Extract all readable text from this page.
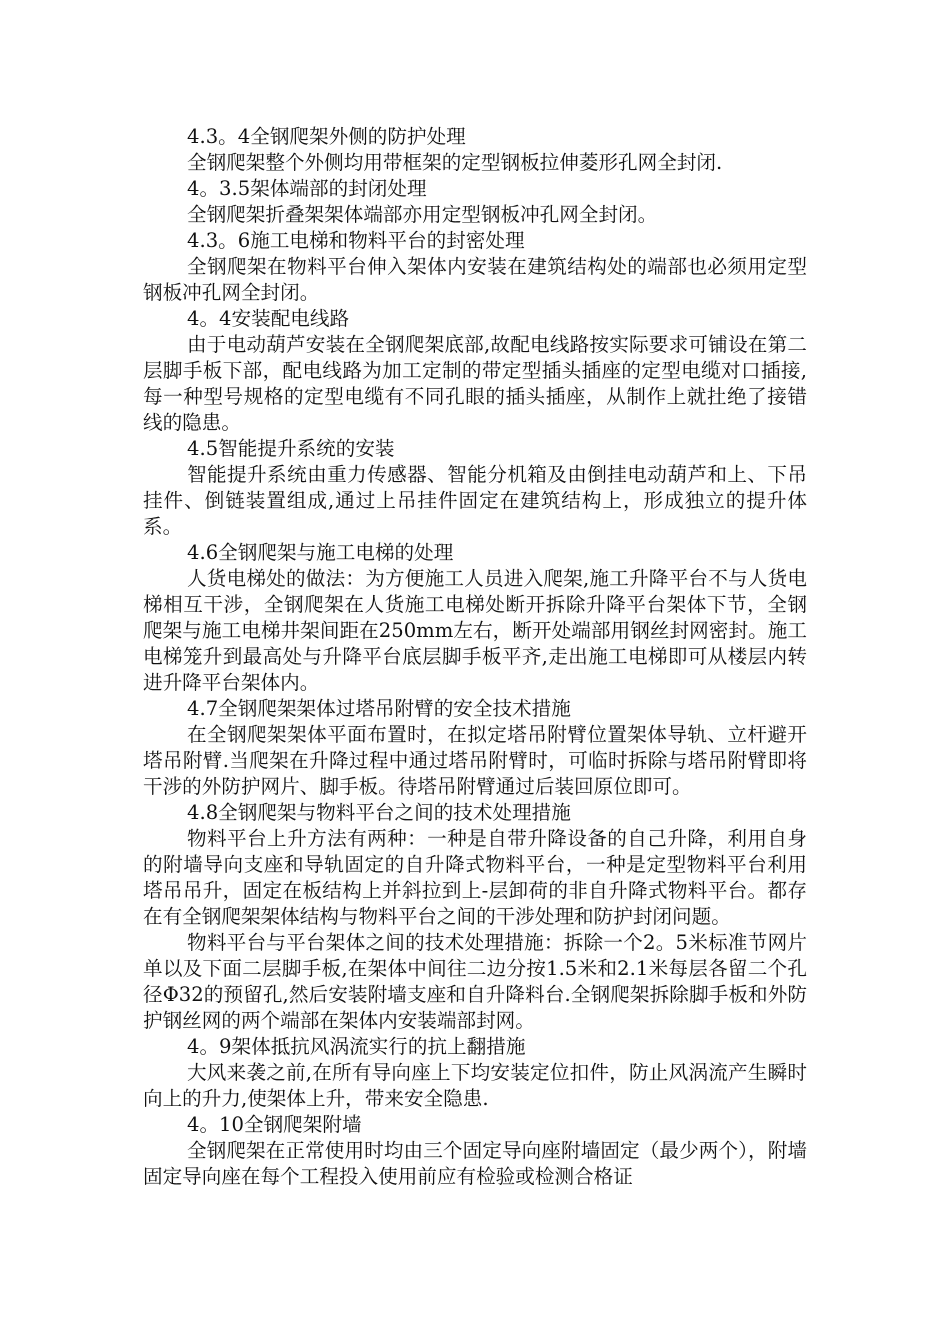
4.3。4全钢爬架外侧的防护处理

全钢爬架整个外侧均用带框架的定型钢板拉伸菱形孔网全封闭.

4。3.5架体端部的封闭处理

全钢爬架折叠架架体端部亦用定型钢板冲孔网全封闭。

4.3。6施工电梯和物料平台的封密处理

全钢爬架在物料平台伸入架体内安装在建筑结构处的端部也必须用定型钢板冲孔网全封闭。

4。4安装配电线路

由于电动葫芦安装在全钢爬架底部,故配电线路按实际要求可铺设在第二层脚手板下部，配电线路为加工定制的带定型插头插座的定型电缆对口插接,每一种型号规格的定型电缆有不同孔眼的插头插座，从制作上就扗绝了接错线的隐患。

4.5智能提升系统的安装

智能提升系统由重力传感器、智能分机箱及由倒挂电动葫芦和上、下吊挂件、倒链装置组成,通过上吊挂件固定在建筑结构上，形成独立的提升体系。

4.6全钢爬架与施工电梯的处理

人货电梯处的做法：为方便施工人员进入爬架,施工升降平台不与人货电梯相互干涉，全钢爬架在人货施工电梯处断开拆除升降平台架体下节，全钢爬架与施工电梯井架间距在250mm左右，断开处端部用钢丝封网密封。施工电梯笼升到最高处与升降平台底层脚手板平齐,走出施工电梯即可从楼层内转进升降平台架体内。

4.7全钢爬架架体过塔吊附臂的安全技术措施

在全钢爬架架体平面布置时，在拟定塔吊附臂位置架体导轨、立杆避开塔吊附臂.当爬架在升降过程中通过塔吊附臂时，可临时拆除与塔吊附臂即将干涉的外防护网片、脚手板。待塔吊附臂通过后装回原位即可。

4.8全钢爬架与物料平台之间的技术处理措施

物料平台上升方法有两种：一种是自带升降设备的自己升降，利用自身的附墙导向支座和导轨固定的自升降式物料平台，一种是定型物料平台利用塔吊吊升，固定在板结构上并斜拉到上-层卸荷的非自升降式物料平台。都存在有全钢爬架架体结构与物料平台之间的干涉处理和防护封闭问题。

物料平台与平台架体之间的技术处理措施：拆除一个2。5米标准节网片单以及下面二层脚手板,在架体中间往二边分按1.5米和2.1米每层各留二个孔径Φ32的预留孔,然后安装附墙支座和自升降料台.全钢爬架拆除脚手板和外防护钢丝网的两个端部在架体内安装端部封网。

4。9架体抵抗风涡流实行的抗上翻措施

大风来袭之前,在所有导向座上下均安装定位扣件，防止风涡流产生瞬时向上的升力,使架体上升，带来安全隐患.

4。10全钢爬架附墙

全钢爬架在正常使用时均由三个固定导向座附墙固定（最少两个），附墙固定导向座在每个工程投入使用前应有检验或检测合格证
